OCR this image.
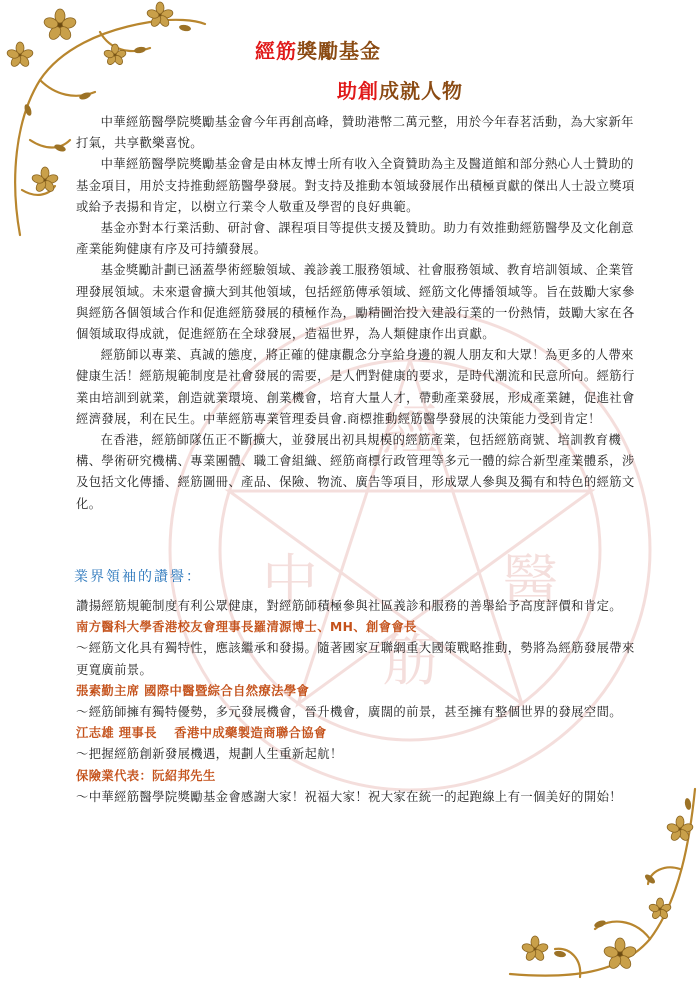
經
中	醫
筋
經筋獎勵基金
助創成就人物

中華經筋醫學院獎勵基金會今年再創高峰，贊助港幣二萬元整，用於今年春茗活動，為大家新年打氣，共享歡樂喜悅。

中華經筋醫學院獎勵基金會是由林友博士所有收入全資贊助為主及醫道館和部分熱心人士贊助的基金項目，用於支持推動經筋醫學發展。對支持及推動本領域發展作出積極貢獻的傑出人士設立獎項或給予表揚和肯定，以樹立行業令人敬重及學習的良好典範。

基金亦對本行業活動、研討會、課程項目等提供支援及贊助。助力有效推動經筋醫學及文化創意產業能夠健康有序及可持續發展。

基金獎勵計劃已涵蓋學術經驗領域、義診義工服務領域、社會服務領域、教育培訓領域、企業管理發展領域。未來還會擴大到其他領域，包括經筋傳承領域、經筋文化傳播領域等。旨在鼓勵大家參與經筋各個領域合作和促進經筋發展的積極作為，勵精圖治投入建設行業的一份熱情，鼓勵大家在各個領域取得成就，促進經筋在全球發展，造福世界，為人類健康作出貢獻。

經筋師以專業、真誠的態度，將正確的健康觀念分享給身邊的親人朋友和大眾！為更多的人帶來健康生活！經筋規範制度是社會發展的需要，是人們對健康的要求，是時代潮流和民意所向。經筋行業由培訓到就業，創造就業環境、創業機會，培育大量人才，帶動產業發展，形成產業鏈，促進社會經濟發展，利在民生。中華經筋專業管理委員會.商標推動經筋醫學發展的決策能力受到肯定！

在香港，經筋師隊伍正不斷擴大，並發展出初具規模的經筋產業，包括經筋商號、培訓教育機構、學術研究機構、專業團體、職工會組織、經筋商標行政管理等多元一體的綜合新型產業體系，涉及包括文化傳播、經筋圖冊、產品、保險、物流、廣告等項目，形成眾人參與及獨有和特色的經筋文化。

業界領袖的讚譽：
讚揚經筋規範制度有利公眾健康，對經筋師積極參與社區義診和服務的善舉給予高度評價和肯定。
南方醫科大學香港校友會理事長羅清源博士、MH、創會會長
～經筋文化具有獨特性，應該繼承和發揚。隨著國家互聯網重大國策戰略推動，勢將為經筋發展帶來更寬廣前景。
張素勤主席 國際中醫暨綜合自然療法學會
～經筋師擁有獨特優勢，多元發展機會，晉升機會，廣闊的前景，甚至擁有整個世界的發展空間。
江志雄 理事長　 香港中成藥製造商聯合協會
～把握經筋創新發展機遇，規劃人生重新起航！
保險業代表：阮紹邦先生
～中華經筋醫學院獎勵基金會感謝大家！祝福大家！祝大家在統一的起跑線上有一個美好的開始！
